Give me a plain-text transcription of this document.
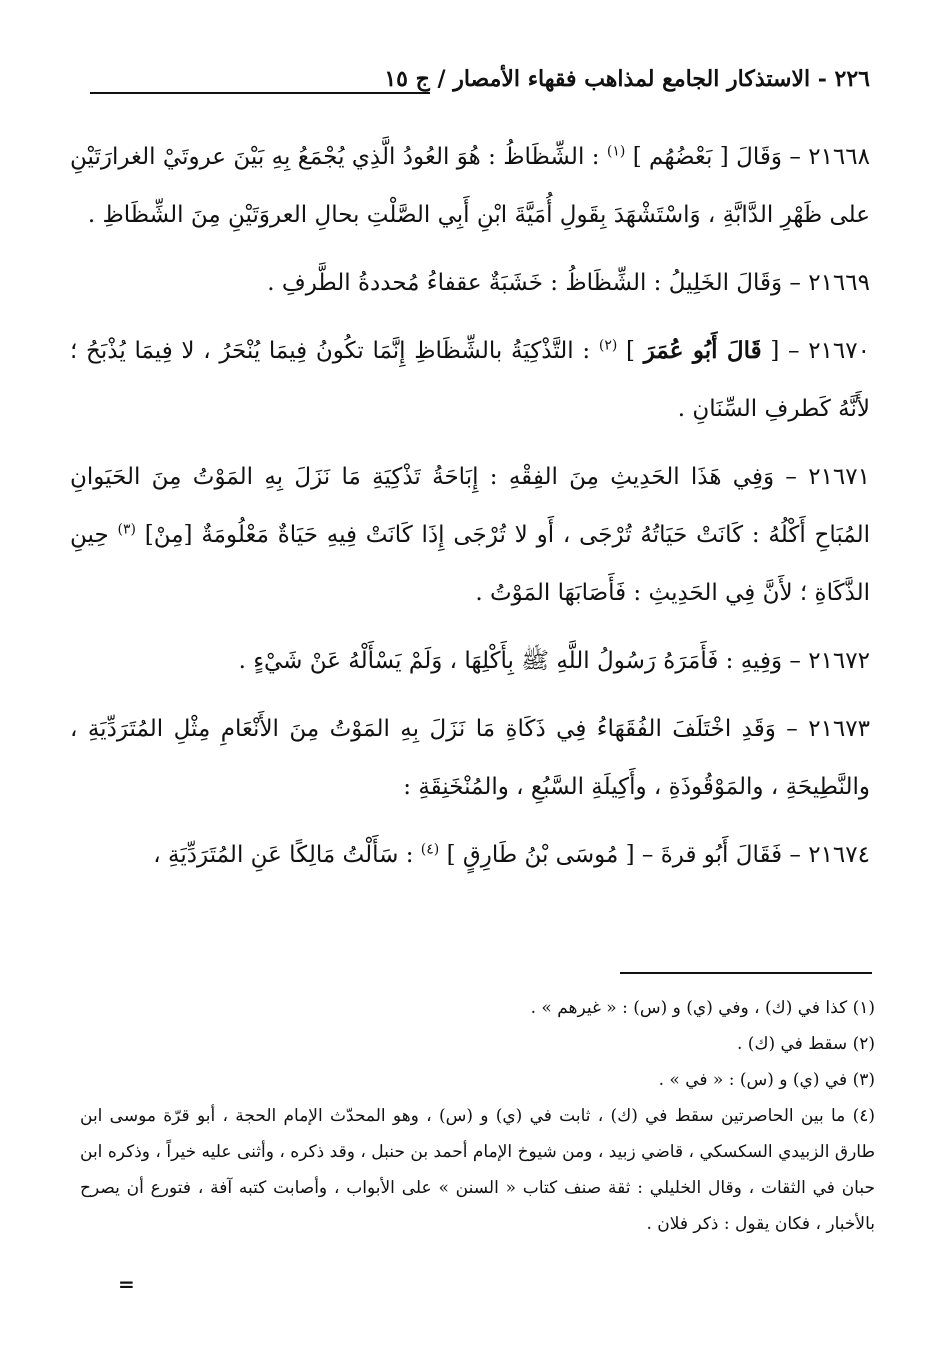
٢٢٦ - الاستذكار الجامع لمذاهب فقهاء الأمصار / ج ١٥

٢١٦٦٨ – وَقَالَ [ بَعْضُهُم ] $^{(١)}$ : الشِّظَاظُ : هُوَ العُودُ الَّذِي يُجْمَعُ بِهِ بَيْنَ عروتَيْ الغرارَتَيْنِ على ظَهْرِ الدَّابَّةِ ، وَاسْتَشْهَدَ بِقَولِ أُمَيَّةَ ابْنِ أَبِي الصَّلْتِ بحالِ العروَتَيْنِ مِنَ الشِّظَاظِ .

٢١٦٦٩ – وَقَالَ الخَلِيلُ : الشِّظَاظُ : خَشَبَةٌ عقفاءُ مُحددةُ الطَّرفِ .

٢١٦٧٠ – [ قَالَ أَبُو عُمَرَ ] $^{(٢)}$ : التَّذْكِيَةُ بالشِّظَاظِ إِنَّمَا تكُونُ فِيمَا يُنْحَرُ ، لا فِيمَا يُذْبَحُ ؛ لأَنَّهُ كَطرفِ السِّنَانِ .

٢١٦٧١ – وَفِي هَذَا الحَدِيثِ مِنَ الفِقْهِ : إِبَاحَةُ تَذْكِيَةِ مَا نَزَلَ بِهِ المَوْتُ مِنَ الحَيَوانِ المُبَاحِ أَكْلُهُ : كَانَتْ حَيَاتُهُ تُرْجَى ، أَو لا تُرْجَى إِذَا كَانَتْ فِيهِ حَيَاةٌ مَعْلُومَةٌ [مِنْ] $^{(٣)}$ حِينِ الذَّكَاةِ ؛ لأَنَّ فِي الحَدِيثِ : فَأَصَابَهَا المَوْتُ .

٢١٦٧٢ – وَفِيهِ : فَأَمَرَهُ رَسُولُ اللَّهِ ﷺ بِأَكْلِهَا ، وَلَمْ يَسْأَلْهُ عَنْ شَيْءٍ .

٢١٦٧٣ – وَقَدِ اخْتَلَفَ الفُقَهَاءُ فِي ذَكَاةِ مَا نَزَلَ بِهِ المَوْتُ مِنَ الأَنْعَامِ مِثْلِ المُتَرَدِّيَةِ ، والنَّطِيحَةِ ، والمَوْقُوذَةِ ، وأَكِيلَةِ السَّبُعِ ، والمُنْخَنِقَةِ :

٢١٦٧٤ – فَقَالَ أَبُو قرةَ – [ مُوسَى بْنُ طَارِقٍ ] $^{(٤)}$ : سَأَلْتُ مَالِكًا عَنِ المُتَرَدِّيَةِ ،

(١) كذا في (ك) ، وفي (ي) و (س) : « غيرهم » .

(٢) سقط في (ك) .

(٣) في (ي) و (س) : « في » .

(٤) ما بين الحاصرتين سقط في (ك) ، ثابت في (ي) و (س) ، وهو المحدّث الإمام الحجة ، أبو قرّة موسى ابن طارق الزبيدي السكسكي ، قاضي زبيد ، ومن شيوخ الإمام أحمد بن حنبل ، وقد ذكره ، وأثنى عليه خيراً ، وذكره ابن حبان في الثقات ، وقال الخليلي : ثقة صنف كتاب « السنن » على الأبواب ، وأصابت كتبه آفة ، فتورع أن يصرح بالأخبار ، فكان يقول : ذكر فلان .

=
